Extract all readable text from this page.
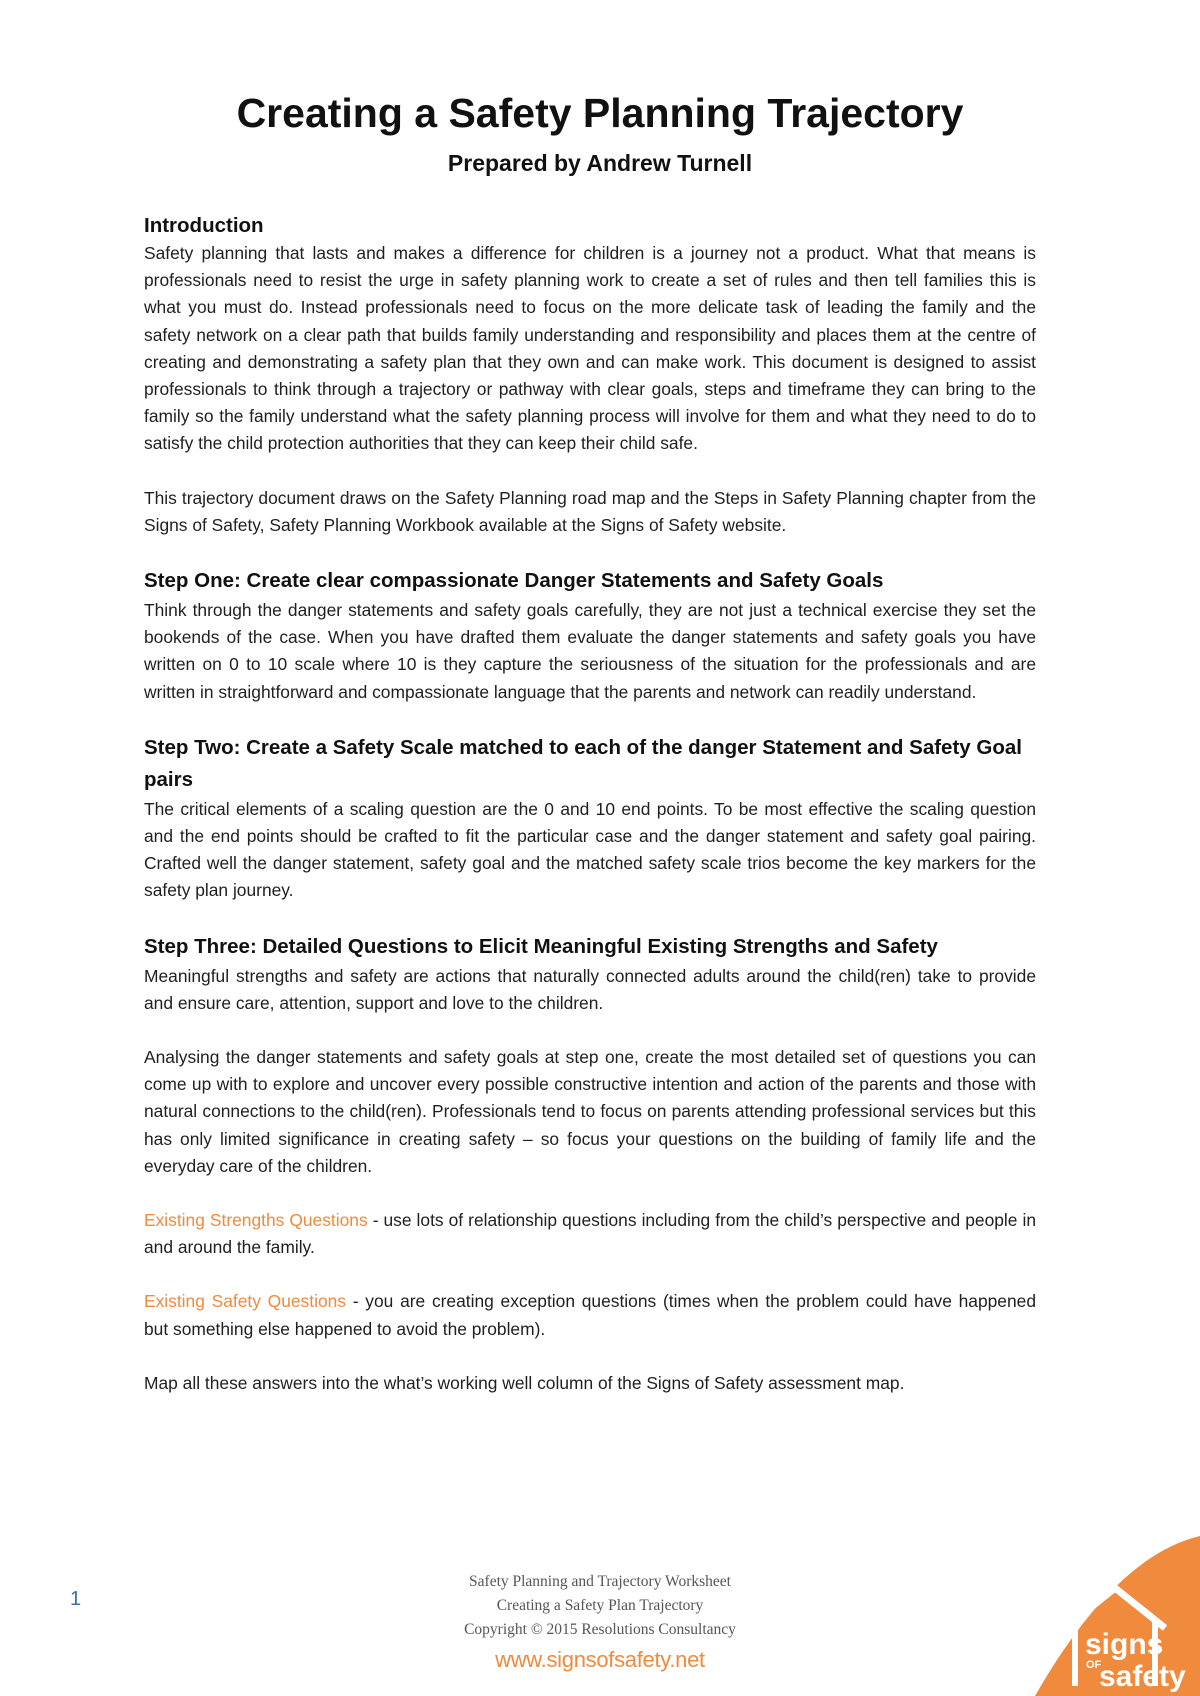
Creating a Safety Planning Trajectory
Prepared by Andrew Turnell
Introduction

Safety planning that lasts and makes a difference for children is a journey not a product. What that means is professionals need to resist the urge in safety planning work to create a set of rules and then tell families this is what you must do. Instead professionals need to focus on the more delicate task of leading the family and the safety network on a clear path that builds family understanding and responsibility and places them at the centre of creating and demonstrating a safety plan that they own and can make work. This document is designed to assist professionals to think through a trajectory or pathway with clear goals, steps and timeframe they can bring to the family so the family understand what the safety planning process will involve for them and what they need to do to satisfy the child protection authorities that they can keep their child safe.

This trajectory document draws on the Safety Planning road map and the Steps in Safety Planning chapter from the Signs of Safety, Safety Planning Workbook available at the Signs of Safety website.

Step One: Create clear compassionate Danger Statements and Safety Goals

Think through the danger statements and safety goals carefully, they are not just a technical exercise they set the bookends of the case. When you have drafted them evaluate the danger statements and safety goals you have written on 0 to 10 scale where 10 is they capture the seriousness of the situation for the professionals and are written in straightforward and compassionate language that the parents and network can readily understand.

Step Two: Create a Safety Scale matched to each of the danger Statement and Safety Goal pairs

The critical elements of a scaling question are the 0 and 10 end points. To be most effective the scaling question and the end points should be crafted to fit the particular case and the danger statement and safety goal pairing. Crafted well the danger statement, safety goal and the matched safety scale trios become the key markers for the safety plan journey.

Step Three: Detailed Questions to Elicit Meaningful Existing Strengths and Safety

Meaningful strengths and safety are actions that naturally connected adults around the child(ren) take to provide and ensure care, attention, support and love to the children.

Analysing the danger statements and safety goals at step one, create the most detailed set of questions you can come up with to explore and uncover every possible constructive intention and action of the parents and those with natural connections to the child(ren). Professionals tend to focus on parents attending professional services but this has only limited significance in creating safety – so focus your questions on the building of family life and the everyday care of the children.

Existing Strengths Questions - use lots of relationship questions including from the child’s perspective and people in and around the family.

Existing Safety Questions - you are creating exception questions (times when the problem could have happened but something else happened to avoid the problem).

Map all these answers into the what’s working well column of the Signs of Safety assessment map.

1
Safety Planning and Trajectory Worksheet
Creating a Safety Plan Trajectory
Copyright © 2015 Resolutions Consultancy
www.signsofsafety.net	signs
OF
safety
